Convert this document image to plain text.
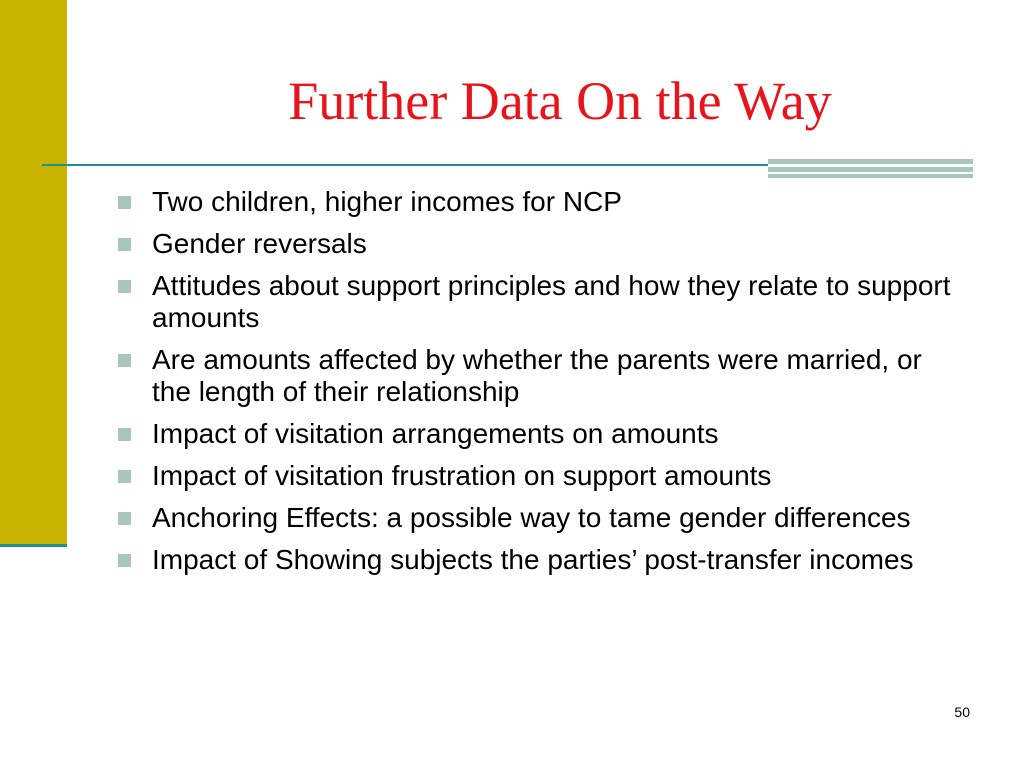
Further Data On the Way
Two children, higher incomes for NCP
Gender reversals
Attitudes about support principles and how they relate to support amounts
Are amounts affected by whether the parents were married, or the length of their relationship
Impact of visitation arrangements on amounts
Impact of visitation frustration on support amounts
Anchoring Effects: a possible way to tame gender differences
Impact of Showing subjects the parties’ post-transfer incomes
50
